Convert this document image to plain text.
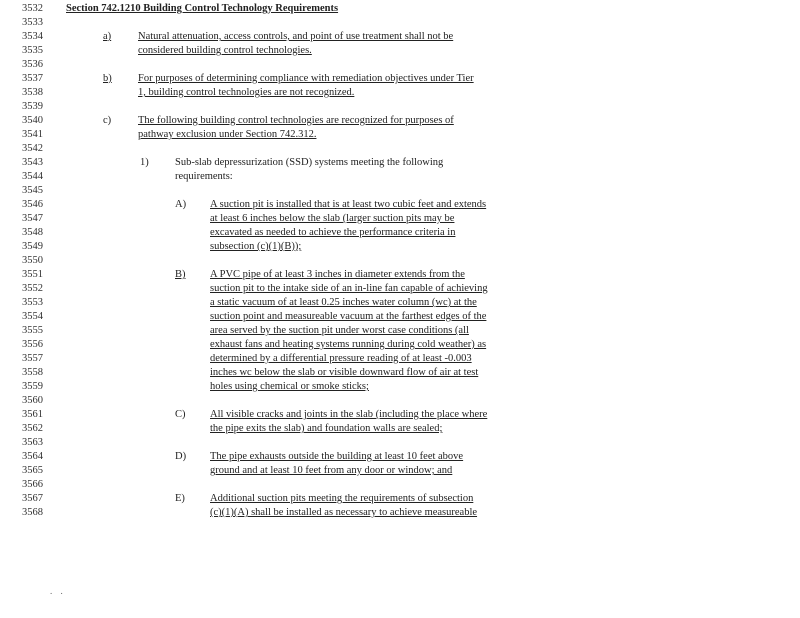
3532
3533
3534
3535
3536
3537
3538
3539
3540
3541
3542
3543
3544
3545
3546
3547
3548
3549
3550
3551
3552
3553
3554
3555
3556
3557
3558
3559
3560
3561
3562
3563
3564
3565
3566
3567
3568
Section 742.1210 Building Control Technology Requirements
a)	Natural attenuation, access controls, and point of use treatment shall not be
considered building control technologies.
b)	For purposes of determining compliance with remediation objectives under Tier
1, building control technologies are not recognized.
c)	The following building control technologies are recognized for purposes of
pathway exclusion under Section 742.312.
1)	Sub-slab depressurization (SSD) systems meeting the following
requirements:
A) A suction pit is installed that is at least two cubic feet and extends
at least 6 inches below the slab (larger suction pits may be
excavated as needed to achieve the performance criteria in
subsection (c)(1)(B));
B) A PVC pipe of at least 3 inches in diameter extends from the
suction pit to the intake side of an in-line fan capable of achieving
a static vacuum of at least 0.25 inches water column (wc) at the
suction point and measureable vacuum at the farthest edges of the
area served by the suction pit under worst case conditions (all
exhaust fans and heating systems running during cold weather) as
determined by a differential pressure reading of at least -0.003
inches wc below the slab or visible downward flow of air at test
holes using chemical or smoke sticks;
C) All visible cracks and joints in the slab (including the place where
the pipe exits the slab) and foundation walls are sealed;
D) The pipe exhausts outside the building at least 10 feet above
ground and at least 10 feet from any door or window; and
E) Additional suction pits meeting the requirements of subsection
(c)(1)(A) shall be installed as necessary to achieve measureable
. .
